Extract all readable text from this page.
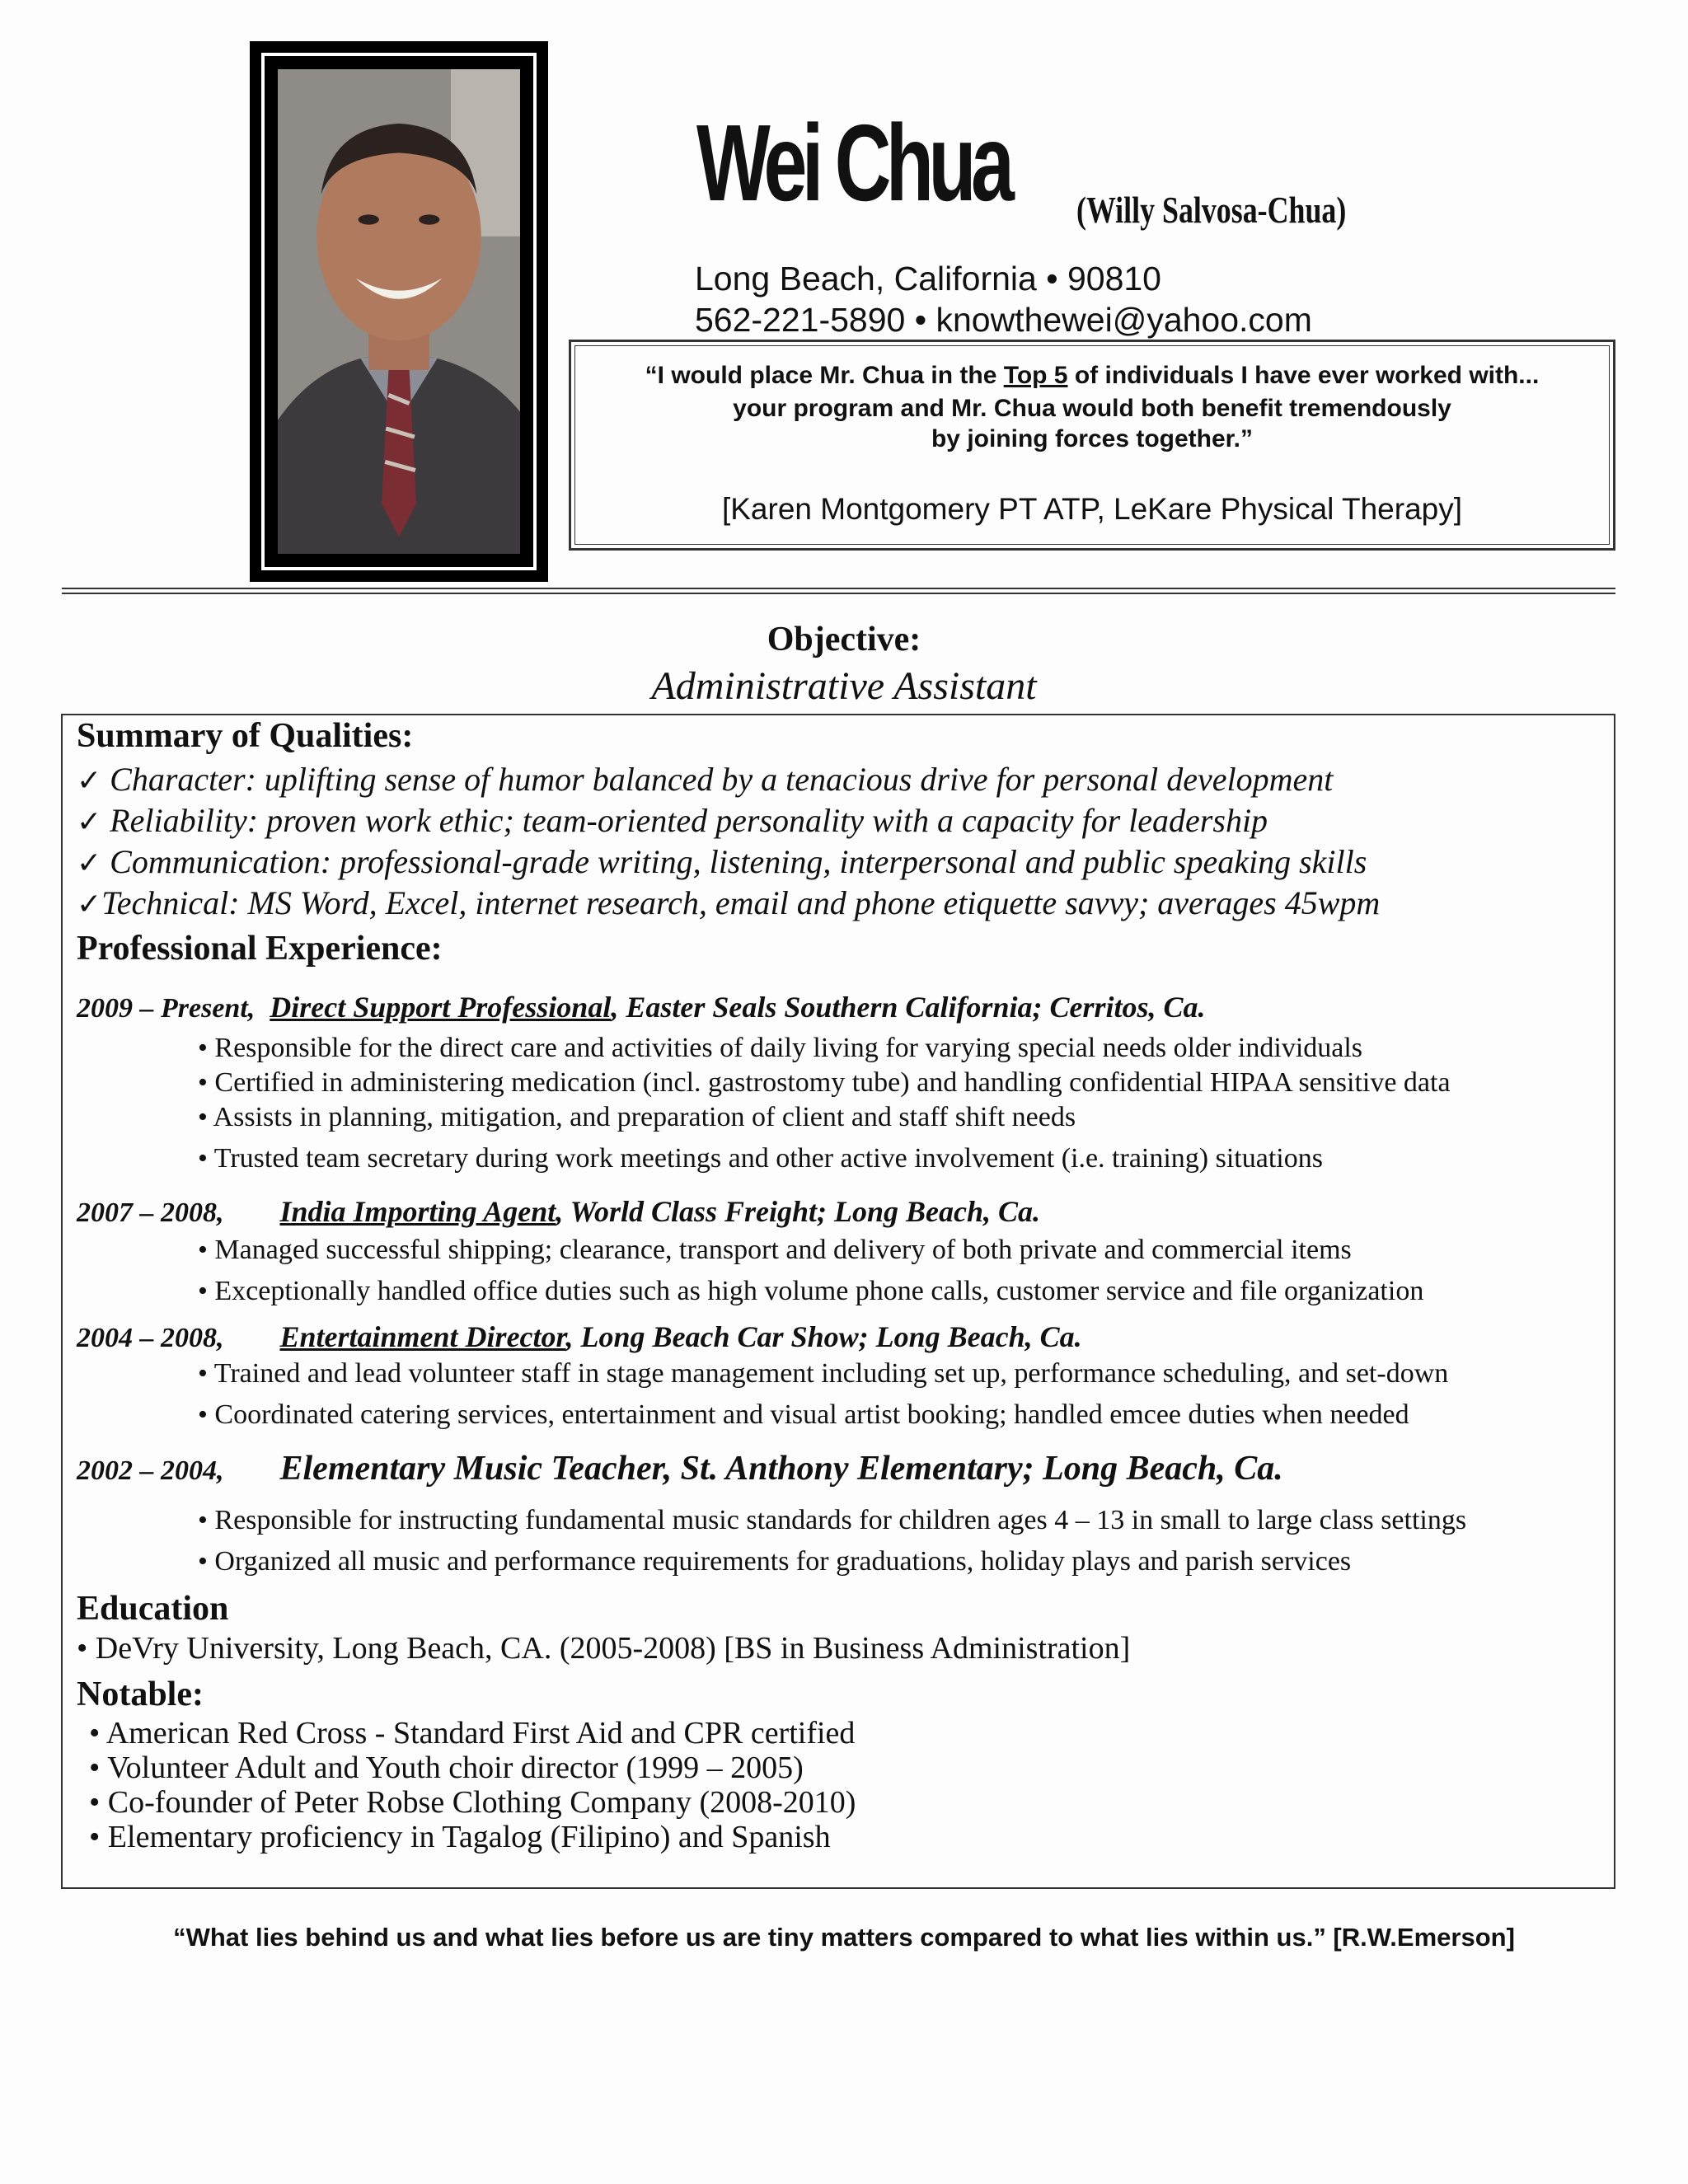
Wei Chua (Willy Salvosa-Chua)
Long Beach, California • 90810
562-221-5890 • knowthewei@yahoo.com
“I would place Mr. Chua in the Top 5 of individuals I have ever worked with...
your program and Mr. Chua would both benefit tremendously
by joining forces together.”
[Karen Montgomery PT ATP, LeKare Physical Therapy]
Objective:
Administrative Assistant
Summary of Qualities:
✓ Character: uplifting sense of humor balanced by a tenacious drive for personal development
✓ Reliability: proven work ethic; team-oriented personality with a capacity for leadership
✓ Communication: professional-grade writing, listening, interpersonal and public speaking skills
✓Technical: MS Word, Excel, internet research, email and phone etiquette savvy; averages 45wpm
Professional Experience:
2009 – Present, Direct Support Professional, Easter Seals Southern California; Cerritos, Ca.
• Responsible for the direct care and activities of daily living for varying special needs older individuals
• Certified in administering medication (incl. gastrostomy tube) and handling confidential HIPAA sensitive data
• Assists in planning, mitigation, and preparation of client and staff shift needs
• Trusted team secretary during work meetings and other active involvement (i.e. training) situations
2007 – 2008, India Importing Agent, World Class Freight; Long Beach, Ca.
• Managed successful shipping; clearance, transport and delivery of both private and commercial items
• Exceptionally handled office duties such as high volume phone calls, customer service and file organization
2004 – 2008, Entertainment Director, Long Beach Car Show; Long Beach, Ca.
• Trained and lead volunteer staff in stage management including set up, performance scheduling, and set-down
• Coordinated catering services, entertainment and visual artist booking; handled emcee duties when needed
2002 – 2004, Elementary Music Teacher, St. Anthony Elementary; Long Beach, Ca.
• Responsible for instructing fundamental music standards for children ages 4 – 13 in small to large class settings
• Organized all music and performance requirements for graduations, holiday plays and parish services
Education
• DeVry University, Long Beach, CA. (2005-2008) [BS in Business Administration]
Notable:
• American Red Cross - Standard First Aid and CPR certified
• Volunteer Adult and Youth choir director (1999 – 2005)
• Co-founder of Peter Robse Clothing Company (2008-2010)
• Elementary proficiency in Tagalog (Filipino) and Spanish
“What lies behind us and what lies before us are tiny matters compared to what lies within us.” [R.W.Emerson]
